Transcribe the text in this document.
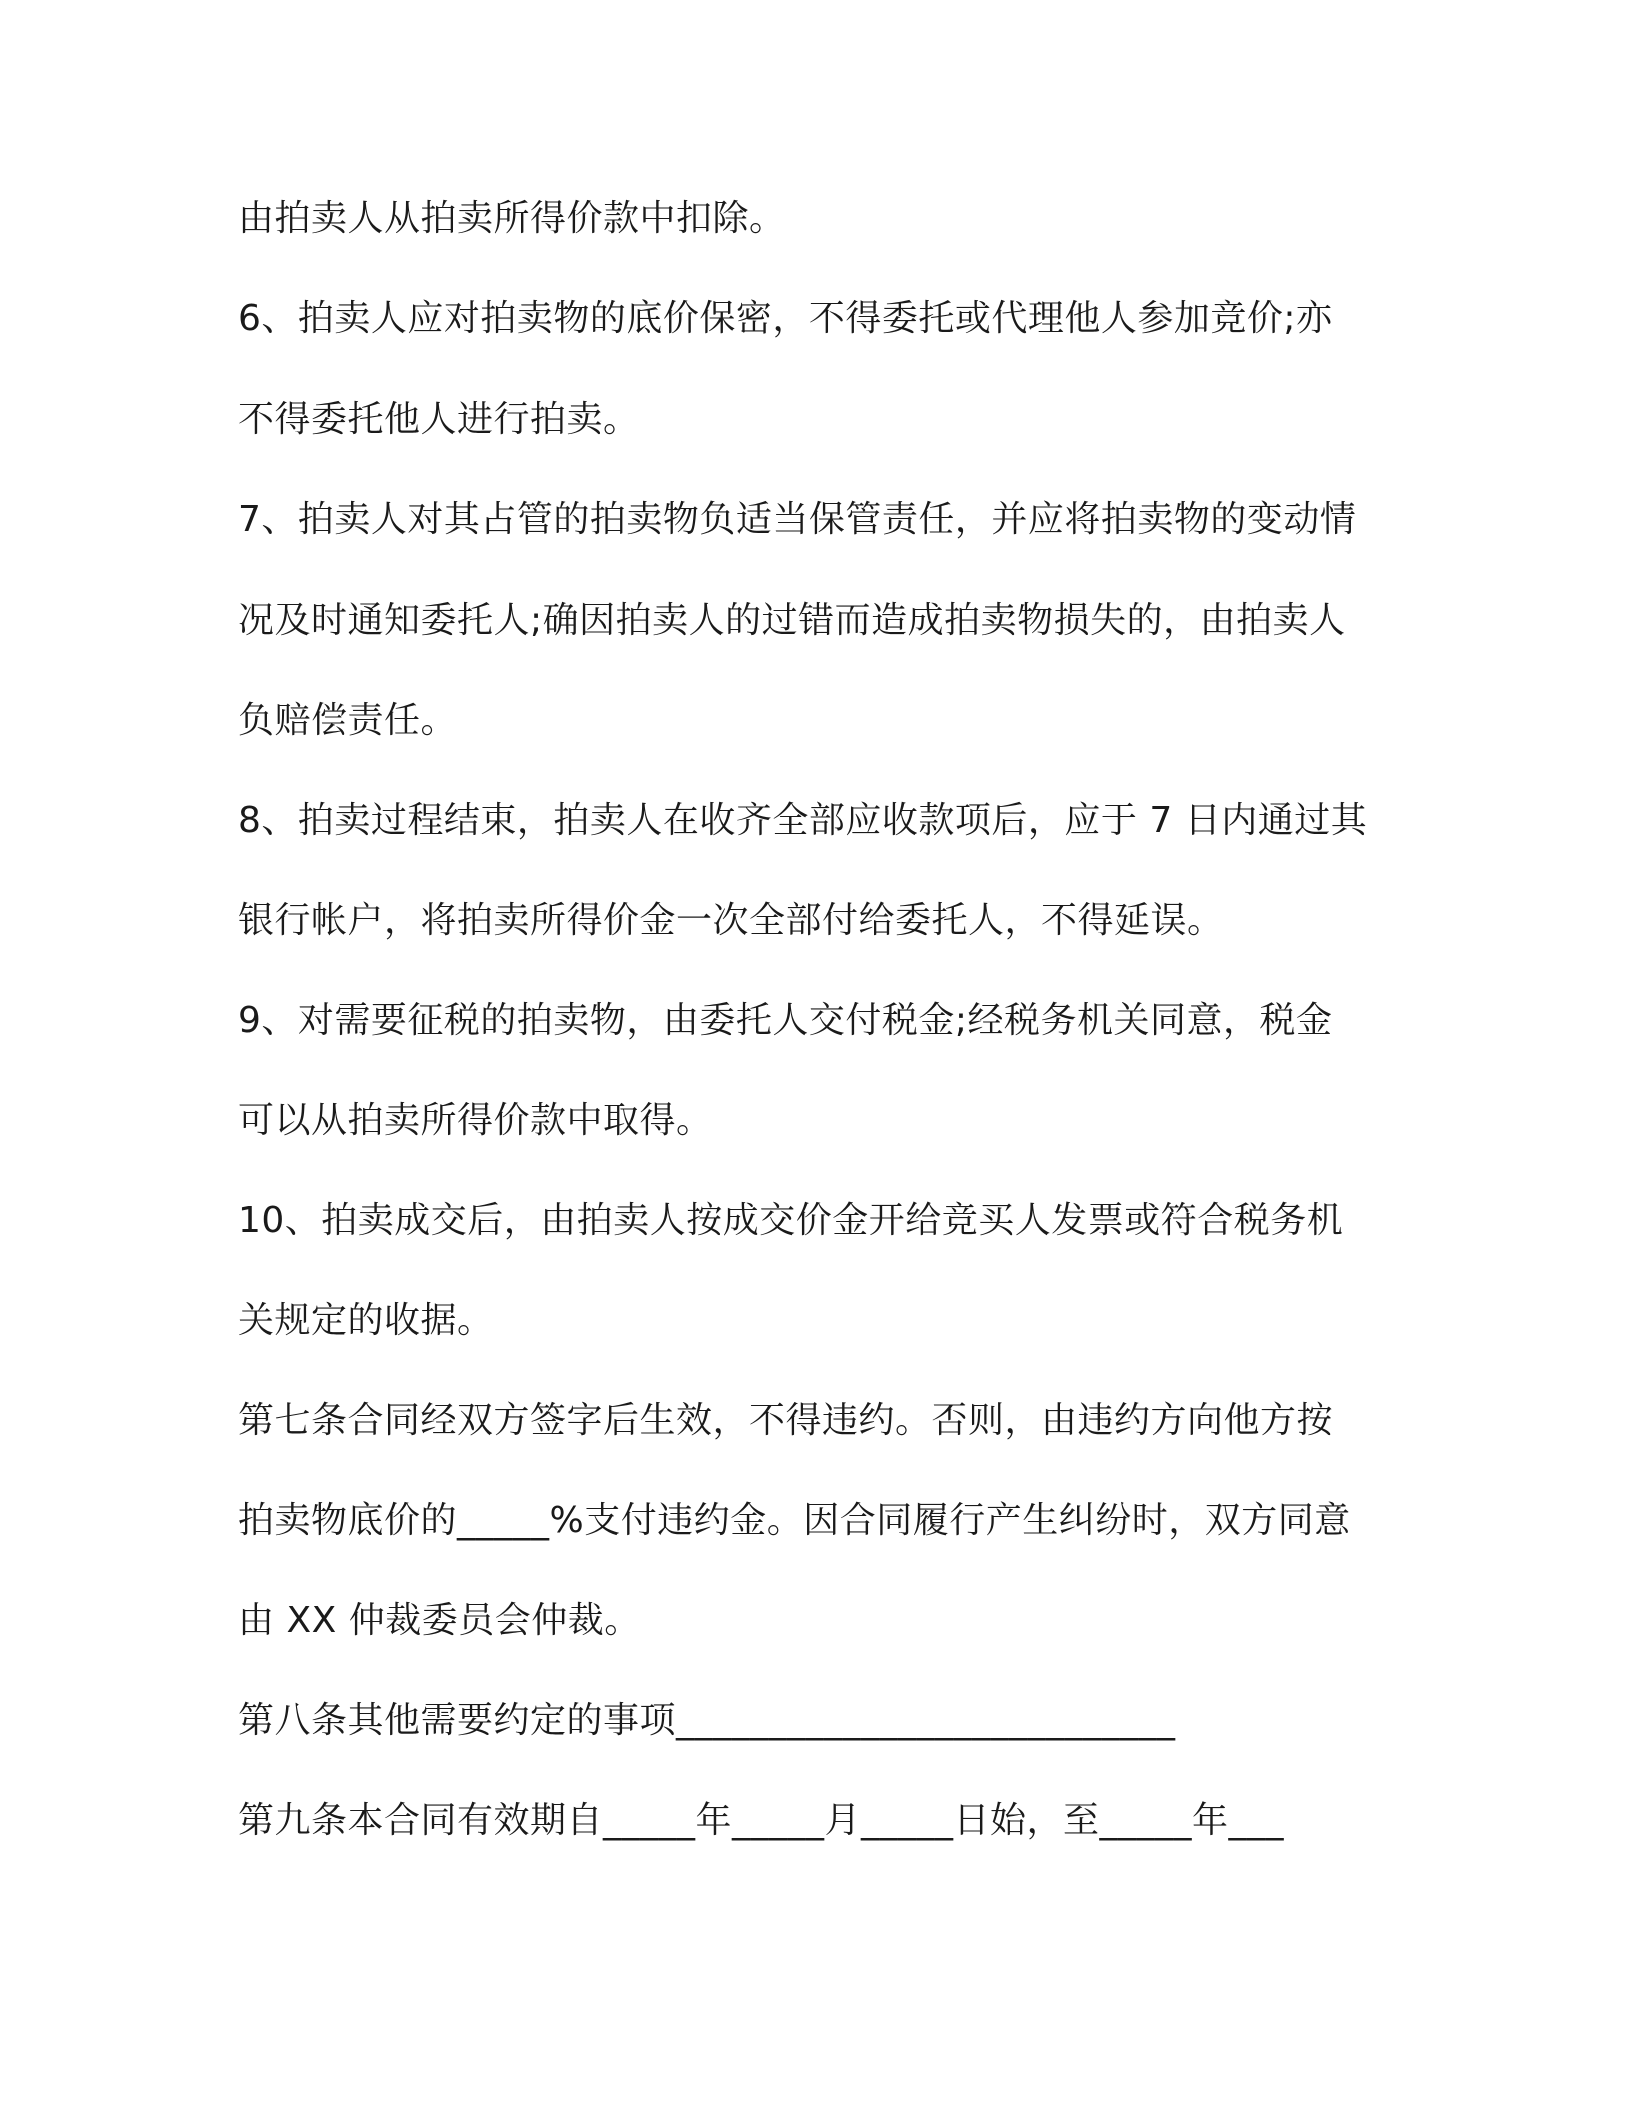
由拍卖人从拍卖所得价款中扣除。
6、拍卖人应对拍卖物的底价保密，不得委托或代理他人参加竞价;亦
不得委托他人进行拍卖。
7、拍卖人对其占管的拍卖物负适当保管责任，并应将拍卖物的变动情
况及时通知委托人;确因拍卖人的过错而造成拍卖物损失的，由拍卖人
负赔偿责任。
8、拍卖过程结束，拍卖人在收齐全部应收款项后，应于 7 日内通过其
银行帐户，将拍卖所得价金一次全部付给委托人，不得延误。
9、对需要征税的拍卖物，由委托人交付税金;经税务机关同意，税金
可以从拍卖所得价款中取得。
10、拍卖成交后，由拍卖人按成交价金开给竞买人发票或符合税务机
关规定的收据。
第七条合同经双方签字后生效，不得违约。否则，由违约方向他方按
拍卖物底价的_____%支付违约金。因合同履行产生纠纷时，双方同意
由 XX 仲裁委员会仲裁。
第八条其他需要约定的事项___________________________
第九条本合同有效期自_____年_____月_____日始，至_____年___
